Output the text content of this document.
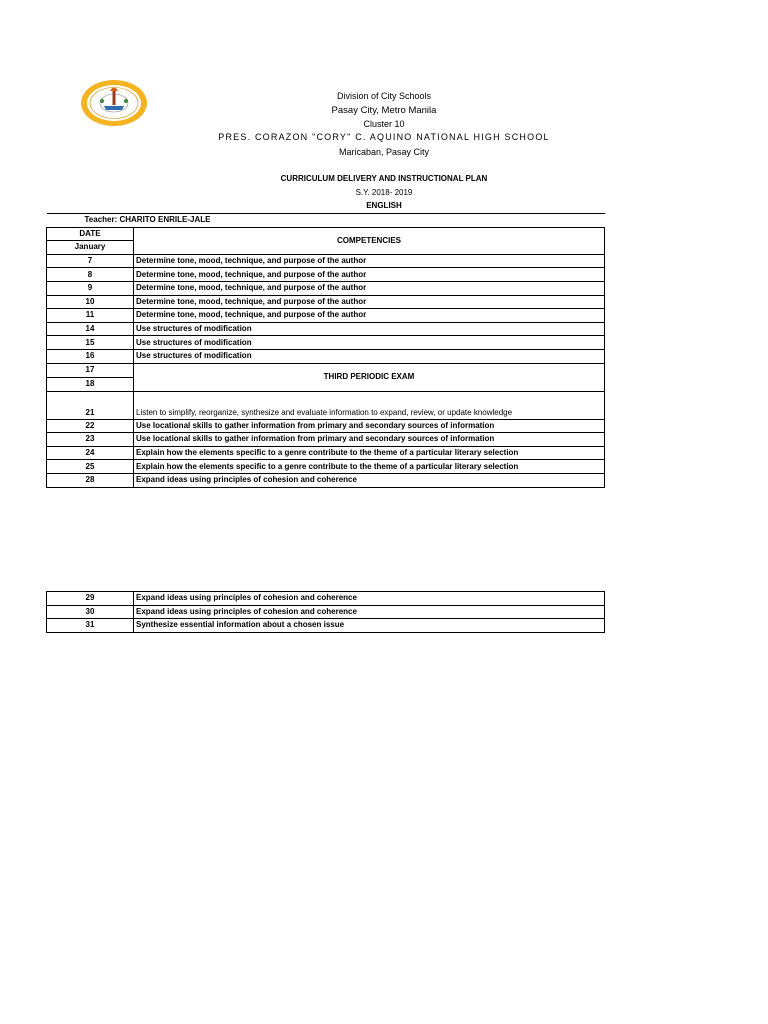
Division of City Schools
Pasay City, Metro Manila
Cluster 10
PRES. CORAZON "CORY" C. AQUINO NATIONAL HIGH SCHOOL
Maricaban, Pasay City
CURRICULUM DELIVERY AND INSTRUCTIONAL PLAN
S.Y. 2018- 2019
ENGLISH
Teacher: CHARITO ENRILE-JALE	
DATE	COMPETENCIES
January	
7	Determine tone, mood, technique, and purpose of the author
8	Determine tone, mood, technique, and purpose of the author
9	Determine tone, mood, technique, and purpose of the author
10	Determine tone, mood, technique, and purpose of the author
11	Determine tone, mood, technique, and purpose of the author
14	Use structures of modification
15	Use structures of modification
16	Use structures of modification
17	THIRD PERIODIC EXAM
18	
21	Listen to simplify, reorganize, synthesize and evaluate information to expand, review, or update knowledge
22	Use locational skills to gather information from primary and secondary sources of information
23	Use locational skills to gather information from primary and secondary sources of information
24	Explain how the elements specific to a genre contribute to the theme of a particular literary selection
25	Explain how the elements specific to a genre contribute to the theme of a particular literary selection
28	Expand ideas using principles of cohesion and coherence
29	Expand ideas using principles of cohesion and coherence
30	Expand ideas using principles of cohesion and coherence
31	Synthesize essential information about a chosen issue
